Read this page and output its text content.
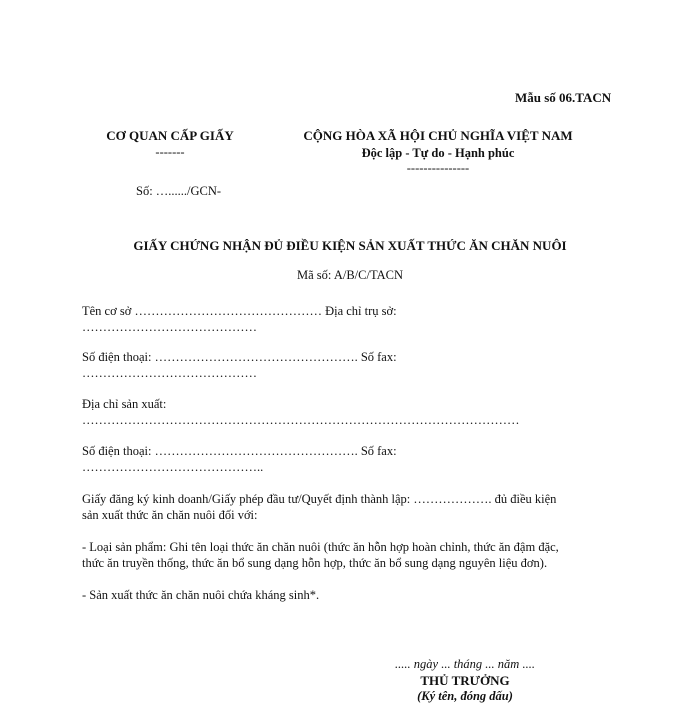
Mẫu số 06.TACN
CƠ QUAN CẤP GIẤY
-------
Số: …....../GCN-
CỘNG HÒA XÃ HỘI CHỦ NGHĨA VIỆT NAM
Độc lập - Tự do - Hạnh phúc
---------------
GIẤY CHỨNG NHẬN ĐỦ ĐIỀU KIỆN SẢN XUẤT THỨC ĂN CHĂN NUÔI
Mã số: A/B/C/TACN
Tên cơ sở ……………………………………… Địa chỉ trụ sở:
……………………………………
Số điện thoại: …………………………………………. Số fax:
……………………………………
Địa chỉ sản xuất:
……………………………………………………………………………………………
Số điện thoại: …………………………………………. Số fax:
……………………………………..
Giấy đăng ký kinh doanh/Giấy phép đầu tư/Quyết định thành lập: ………………. đủ điều kiện
sản xuất thức ăn chăn nuôi đối với:
- Loại sản phẩm: Ghi tên loại thức ăn chăn nuôi (thức ăn hỗn hợp hoàn chỉnh, thức ăn đậm đặc,
thức ăn truyền thống, thức ăn bổ sung dạng hỗn hợp, thức ăn bổ sung dạng nguyên liệu đơn).
- Sản xuất thức ăn chăn nuôi chứa kháng sinh*.
..... ngày ... tháng ... năm ....
THỦ TRƯỞNG
(Ký tên, đóng dấu)
